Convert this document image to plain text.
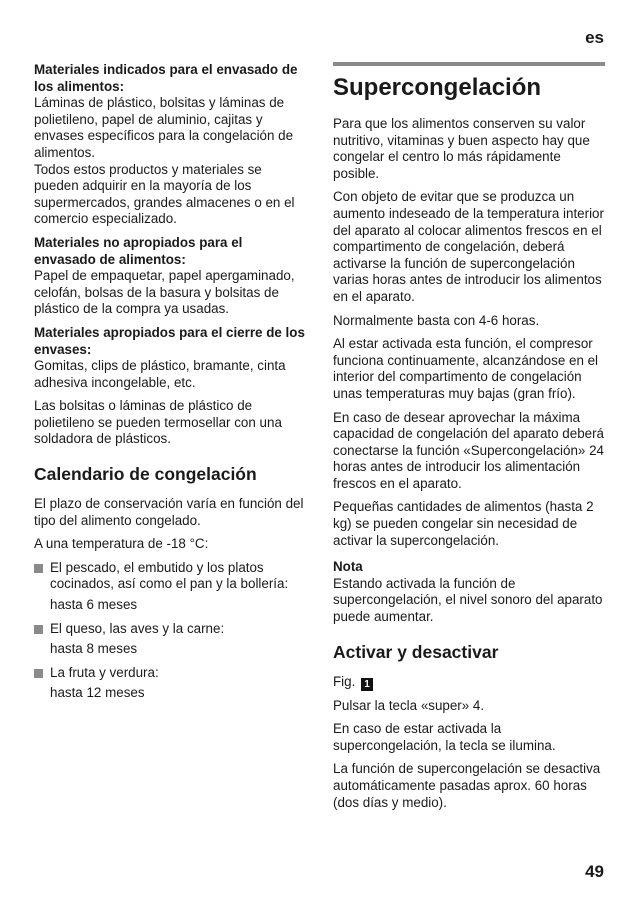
es

Materiales indicados para el envasado de los alimentos:
Láminas de plástico, bolsitas y láminas de polietileno, papel de aluminio, cajitas y envases específicos para la congelación de alimentos.
Todos estos productos y materiales se pueden adquirir en la mayoría de los supermercados, grandes almacenes o en el comercio especializado.

Materiales no apropiados para el envasado de alimentos:
Papel de empaquetar, papel apergaminado, celofán, bolsas de la basura y bolsitas de plástico de la compra ya usadas.

Materiales apropiados para el cierre de los envases:
Gomitas, clips de plástico, bramante, cinta adhesiva incongelable, etc.

Las bolsitas o láminas de plástico de polietileno se pueden termosellar con una soldadora de plásticos.

Calendario de congelación

El plazo de conservación varía en función del tipo del alimento congelado.

A una temperatura de -18 °C:

El pescado, el embutido y los platos cocinados, así como el pan y la bollería:
hasta 6 meses
El queso, las aves y la carne:
hasta 8 meses
La fruta y verdura:
hasta 12 meses
Supercongelación

Para que los alimentos conserven su valor nutritivo, vitaminas y buen aspecto hay que congelar el centro lo más rápidamente posible.

Con objeto de evitar que se produzca un aumento indeseado de la temperatura interior del aparato al colocar alimentos frescos en el compartimento de congelación, deberá activarse la función de supercongelación varias horas antes de introducir los alimentos en el aparato.

Normalmente basta con 4-6 horas.

Al estar activada esta función, el compresor funciona continuamente, alcanzándose en el interior del compartimento de congelación unas temperaturas muy bajas (gran frío).

En caso de desear aprovechar la máxima capacidad de congelación del aparato deberá conectarse la función «Supercongelación» 24 horas antes de introducir los alimentación frescos en el aparato.

Pequeñas cantidades de alimentos (hasta 2 kg) se pueden congelar sin necesidad de activar la supercongelación.

Nota

Estando activada la función de supercongelación, el nivel sonoro del aparato puede aumentar.

Activar y desactivar

Fig. 1

Pulsar la tecla «super» 4.

En caso de estar activada la supercongelación, la tecla se ilumina.

La función de supercongelación se desactiva automáticamente pasadas aprox. 60 horas (dos días y medio).

49
